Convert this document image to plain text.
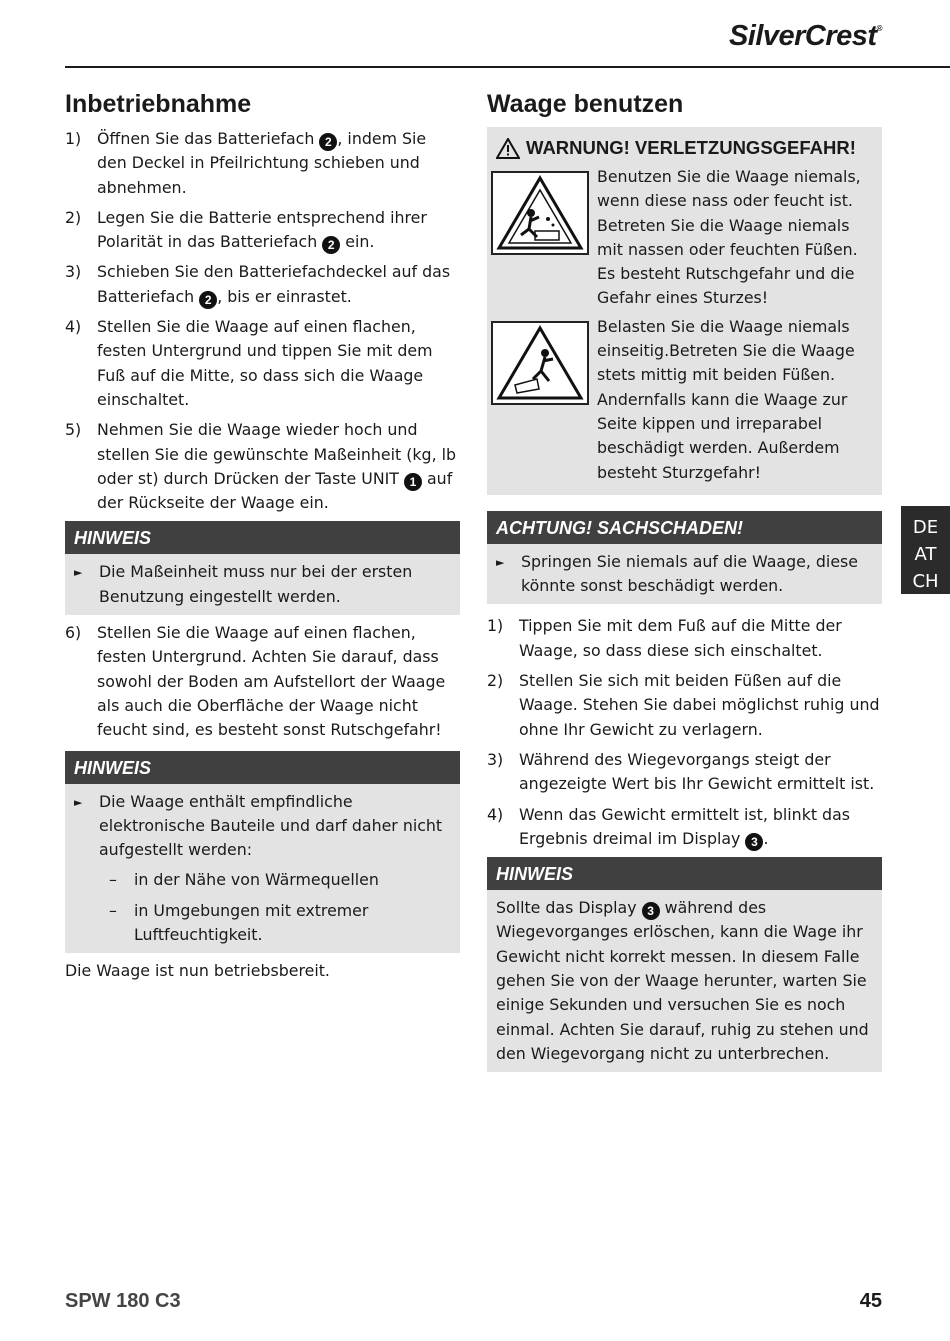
SilverCrest®
Inbetriebnahme
1) Öffnen Sie das Batteriefach 2 , indem Sie den Deckel in Pfeilrichtung schieben und abnehmen.
2) Legen Sie die Batterie entsprechend ihrer Polarität in das Batteriefach 2 ein.
3) Schieben Sie den Batteriefachdeckel auf das Batteriefach 2 , bis er einrastet.
4) Stellen Sie die Waage auf einen flachen, festen Untergrund und tippen Sie mit dem Fuß auf die Mitte, so dass sich die Waage einschaltet.
5) Nehmen Sie die Waage wieder hoch und stellen Sie die gewünschte Maßeinheit (kg, lb oder st) durch Drücken der Taste UNIT 1 auf der Rückseite der Waage ein.
HINWEIS
►	Die Maßeinheit muss nur bei der ersten Benutzung eingestellt werden.
6) Stellen Sie die Waage auf einen flachen, festen Untergrund. Achten Sie darauf, dass sowohl der Boden am Aufstellort der Waage als auch die Oberfläche der Waage nicht feucht sind, es besteht sonst Rutschgefahr!
HINWEIS
►	Die Waage enthält empfindliche elektronische Bauteile und darf daher nicht aufgestellt werden:
–	in der Nähe von Wärmequellen
–	in Umgebungen mit extremer Luftfeuchtigkeit.
Die Waage ist nun betriebsbereit.
Waage benutzen
WARNUNG! VERLETZUNGSGEFAHR!
Benutzen Sie die Waage niemals, wenn diese nass oder feucht ist. Betreten Sie die Waage niemals mit nassen oder feuchten Füßen. Es besteht Rutschgefahr und die Gefahr eines Sturzes!
Belasten Sie die Waage niemals einseitig.Betreten Sie die Waage stets mittig mit beiden Füßen. Andernfalls kann die Waage zur Seite kippen und irreparabel beschädigt werden. Außerdem besteht Sturzgefahr!
ACHTUNG! SACHSCHADEN!
►	Springen Sie niemals auf die Waage, diese könnte sonst beschädigt werden.
1) Tippen Sie mit dem Fuß auf die Mitte der Waage, so dass diese sich einschaltet.
2) Stellen Sie sich mit beiden Füßen auf die Waage. Stehen Sie dabei möglichst ruhig und ohne Ihr Gewicht zu verlagern.
3) Während des Wiegevorgangs steigt der angezeigte Wert bis Ihr Gewicht ermittelt ist.
4) Wenn das Gewicht ermittelt ist, blinkt das Ergebnis dreimal im Display 3 .
HINWEIS
Sollte das Display 3 während des Wiegevorganges erlöschen, kann die Wage ihr Gewicht nicht korrekt messen. In diesem Falle gehen Sie von der Waage herunter, warten Sie einige Sekunden und versuchen Sie es noch einmal. Achten Sie darauf, ruhig zu stehen und den Wiegevorgang nicht zu unterbrechen.
DE
AT
CH
SPW 180 C3	45
